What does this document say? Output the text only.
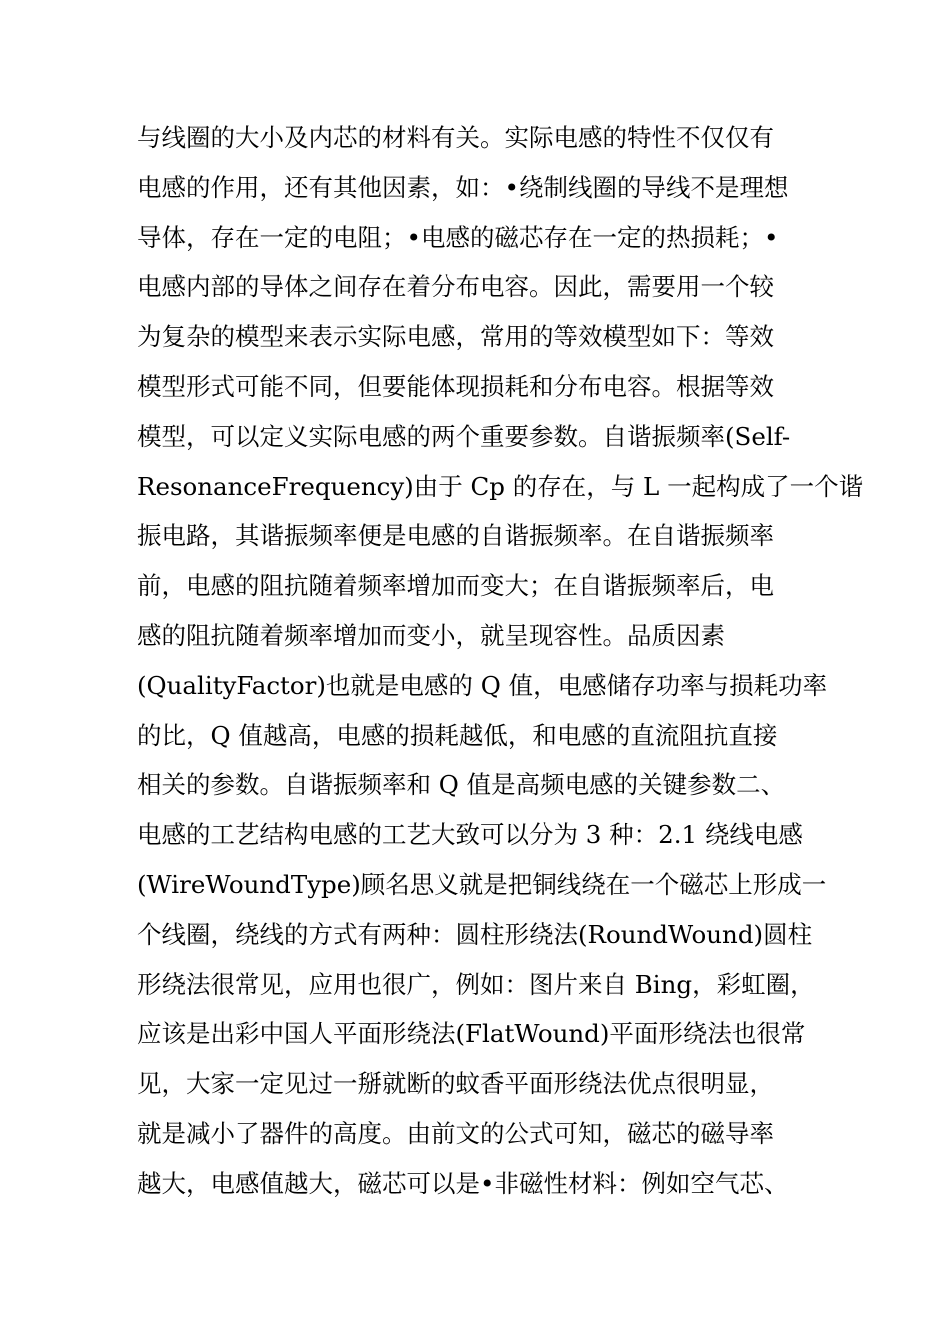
与线圈的大小及内芯的材料有关。实际电感的特性不仅仅有
电感的作用，还有其他因素，如：•绕制线圈的导线不是理想
导体，存在一定的电阻；•电感的磁芯存在一定的热损耗；•
电感内部的导体之间存在着分布电容。因此，需要用一个较
为复杂的模型来表示实际电感，常用的等效模型如下：等效
模型形式可能不同，但要能体现损耗和分布电容。根据等效
模型，可以定义实际电感的两个重要参数。自谐振频率(Self-
ResonanceFrequency)由于 Cp 的存在，与 L 一起构成了一个谐
振电路，其谐振频率便是电感的自谐振频率。在自谐振频率
前，电感的阻抗随着频率增加而变大；在自谐振频率后，电
感的阻抗随着频率增加而变小，就呈现容性。品质因素
(QualityFactor)也就是电感的 Q 值，电感储存功率与损耗功率
的比，Q 值越高，电感的损耗越低，和电感的直流阻抗直接
相关的参数。自谐振频率和 Q 值是高频电感的关键参数二、
电感的工艺结构电感的工艺大致可以分为 3 种：2.1 绕线电感
(WireWoundType)顾名思义就是把铜线绕在一个磁芯上形成一
个线圈，绕线的方式有两种：圆柱形绕法(RoundWound)圆柱
形绕法很常见，应用也很广，例如：图片来自 Bing，彩虹圈，
应该是出彩中国人平面形绕法(FlatWound)平面形绕法也很常
见，大家一定见过一掰就断的蚊香平面形绕法优点很明显，
就是减小了器件的高度。由前文的公式可知，磁芯的磁导率
越大，电感值越大，磁芯可以是•非磁性材料：例如空气芯、
